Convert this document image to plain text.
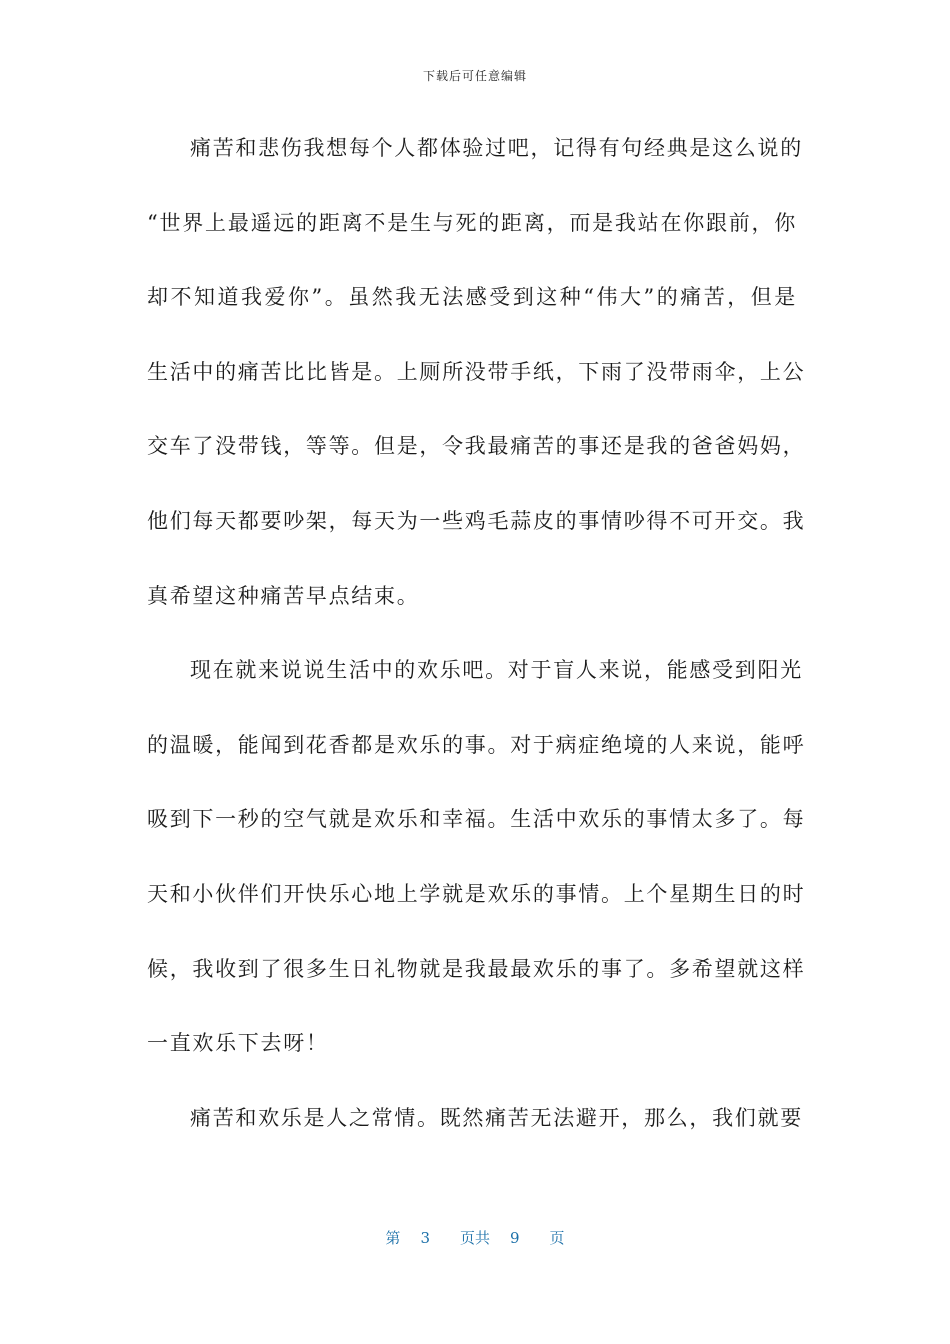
下载后可任意编辑
痛苦和悲伤我想每个人都体验过吧，记得有句经典是这么说的
“世界上最遥远的距离不是生与死的距离，而是我站在你跟前，你
却不知道我爱你”。虽然我无法感受到这种“伟大”的痛苦，但是
生活中的痛苦比比皆是。上厕所没带手纸，下雨了没带雨伞，上公
交车了没带钱，等等。但是，令我最痛苦的事还是我的爸爸妈妈，
他们每天都要吵架，每天为一些鸡毛蒜皮的事情吵得不可开交。我
真希望这种痛苦早点结束。
现在就来说说生活中的欢乐吧。对于盲人来说，能感受到阳光
的温暖，能闻到花香都是欢乐的事。对于病症绝境的人来说，能呼
吸到下一秒的空气就是欢乐和幸福。生活中欢乐的事情太多了。每
天和小伙伴们开快乐心地上学就是欢乐的事情。上个星期生日的时
候，我收到了很多生日礼物就是我最最欢乐的事了。多希望就这样
一直欢乐下去呀！
痛苦和欢乐是人之常情。既然痛苦无法避开，那么，我们就要
第 3 页共 9 页
